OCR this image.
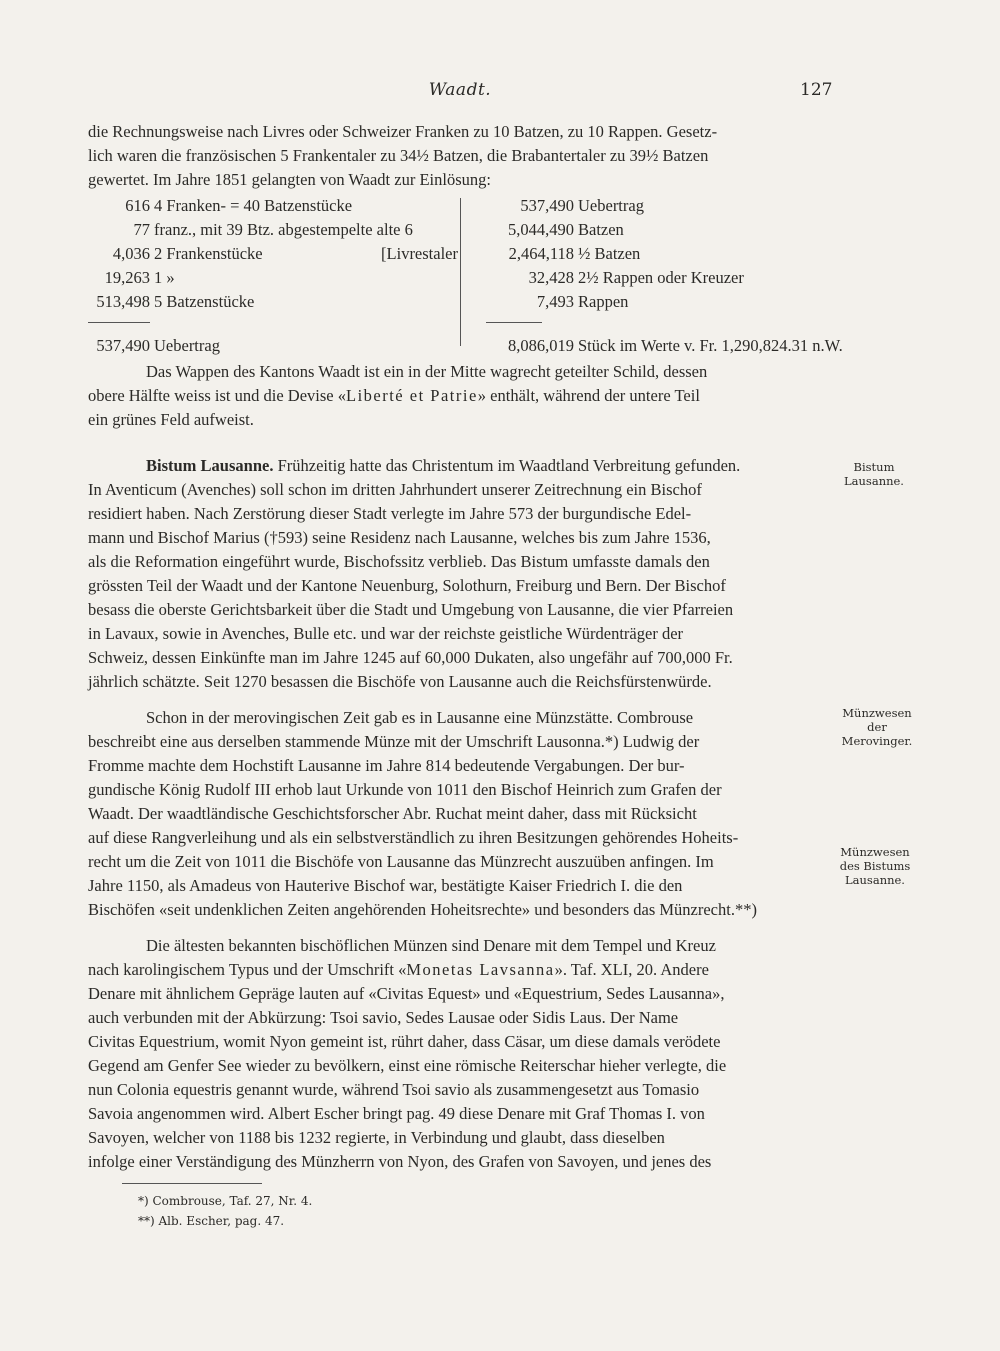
Waadt.	127

die Rechnungsweise nach Livres oder Schweizer Franken zu 10 Batzen, zu 10 Rappen. Gesetz-

lich waren die französischen 5 Frankentaler zu 34½ Batzen, die Brabantertaler zu 39½ Batzen

gewertet. Im Jahre 1851 gelangten von Waadt zur Einlösung:

616 4 Franken- = 40 Batzenstücke
77 franz., mit 39 Btz. abgestempelte alte 6
4,036 2 Frankenstücke	[Livrestaler
19,263 1 »
513,498 5 Batzenstücke
537,490 Uebertrag
537,490 Uebertrag
5,044,490 Batzen
2,464,118 ½ Batzen
32,428 2½ Rappen oder Kreuzer
7,493 Rappen
8,086,019 Stück im Werte v. Fr. 1,290,824.31 n.W.

Das Wappen des Kantons Waadt ist ein in der Mitte wagrecht geteilter Schild, dessen

obere Hälfte weiss ist und die Devise «Liberté et Patrie» enthält, während der untere Teil

ein grünes Feld aufweist.

Bistum Lausanne. Frühzeitig hatte das Christentum im Waadtland Verbreitung gefunden.

In Aventicum (Avenches) soll schon im dritten Jahrhundert unserer Zeitrechnung ein Bischof

residiert haben. Nach Zerstörung dieser Stadt verlegte im Jahre 573 der burgundische Edel-

mann und Bischof Marius (†593) seine Residenz nach Lausanne, welches bis zum Jahre 1536,

als die Reformation eingeführt wurde, Bischofssitz verblieb. Das Bistum umfasste damals den

grössten Teil der Waadt und der Kantone Neuenburg, Solothurn, Freiburg und Bern. Der Bischof

besass die oberste Gerichtsbarkeit über die Stadt und Umgebung von Lausanne, die vier Pfarreien

in Lavaux, sowie in Avenches, Bulle etc. und war der reichste geistliche Würdenträger der

Schweiz, dessen Einkünfte man im Jahre 1245 auf 60,000 Dukaten, also ungefähr auf 700,000 Fr.

jährlich schätzte. Seit 1270 besassen die Bischöfe von Lausanne auch die Reichsfürstenwürde.

Schon in der merovingischen Zeit gab es in Lausanne eine Münzstätte. Combrouse

beschreibt eine aus derselben stammende Münze mit der Umschrift Lausonna.*) Ludwig der

Fromme machte dem Hochstift Lausanne im Jahre 814 bedeutende Vergabungen. Der bur-

gundische König Rudolf III erhob laut Urkunde von 1011 den Bischof Heinrich zum Grafen der

Waadt. Der waadtländische Geschichtsforscher Abr. Ruchat meint daher, dass mit Rücksicht

auf diese Rangverleihung und als ein selbstverständlich zu ihren Besitzungen gehörendes Hoheits-

recht um die Zeit von 1011 die Bischöfe von Lausanne das Münzrecht auszuüben anfingen. Im

Jahre 1150, als Amadeus von Hauterive Bischof war, bestätigte Kaiser Friedrich I. die den

Bischöfen «seit undenklichen Zeiten angehörenden Hoheitsrechte» und besonders das Münzrecht.**)

Die ältesten bekannten bischöflichen Münzen sind Denare mit dem Tempel und Kreuz

nach karolingischem Typus und der Umschrift «Monetas Lavsanna». Taf. XLI, 20. Andere

Denare mit ähnlichem Gepräge lauten auf «Civitas Equest» und «Equestrium, Sedes Lausanna»,

auch verbunden mit der Abkürzung: Tsoi savio, Sedes Lausae oder Sidis Laus. Der Name

Civitas Equestrium, womit Nyon gemeint ist, rührt daher, dass Cäsar, um diese damals verödete

Gegend am Genfer See wieder zu bevölkern, einst eine römische Reiterschar hieher verlegte, die

nun Colonia equestris genannt wurde, während Tsoi savio als zusammengesetzt aus Tomasio

Savoia angenommen wird. Albert Escher bringt pag. 49 diese Denare mit Graf Thomas I. von

Savoyen, welcher von 1188 bis 1232 regierte, in Verbindung und glaubt, dass dieselben

infolge einer Verständigung des Münzherrn von Nyon, des Grafen von Savoyen, und jenes des

Bistum
Lausanne.
Münzwesen
der
Merovinger.
Münzwesen
des Bistums
Lausanne.
*) Combrouse, Taf. 27, Nr. 4.
**) Alb. Escher, pag. 47.
